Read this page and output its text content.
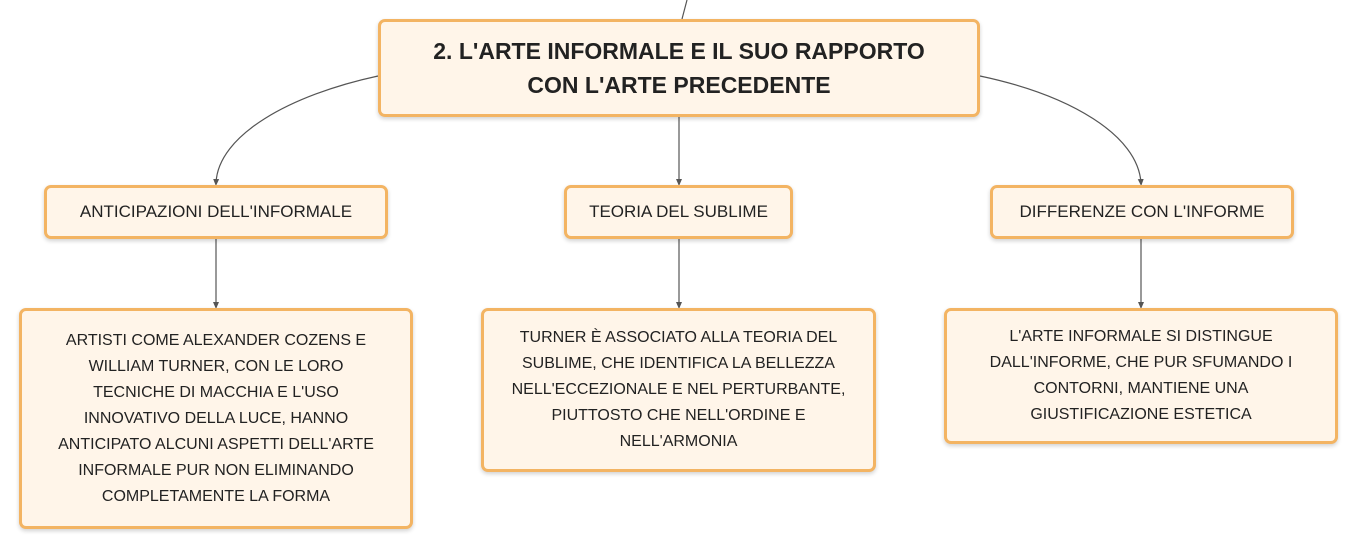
2. L'ARTE INFORMALE E IL SUO RAPPORTO CON L'ARTE PRECEDENTE
ANTICIPAZIONI DELL'INFORMALE	TEORIA DEL SUBLIME	DIFFERENZE CON L'INFORME
ARTISTI COME ALEXANDER COZENS E WILLIAM TURNER, CON LE LORO TECNICHE DI MACCHIA E L'USO INNOVATIVO DELLA LUCE, HANNO ANTICIPATO ALCUNI ASPETTI DELL'ARTE INFORMALE PUR NON ELIMINANDO COMPLETAMENTE LA FORMA
TURNER È ASSOCIATO ALLA TEORIA DEL SUBLIME, CHE IDENTIFICA LA BELLEZZA NELL'ECCEZIONALE E NEL PERTURBANTE, PIUTTOSTO CHE NELL'ORDINE E NELL'ARMONIA
L'ARTE INFORMALE SI DISTINGUE DALL'INFORME, CHE PUR SFUMANDO I CONTORNI, MANTIENE UNA GIUSTIFICAZIONE ESTETICA
